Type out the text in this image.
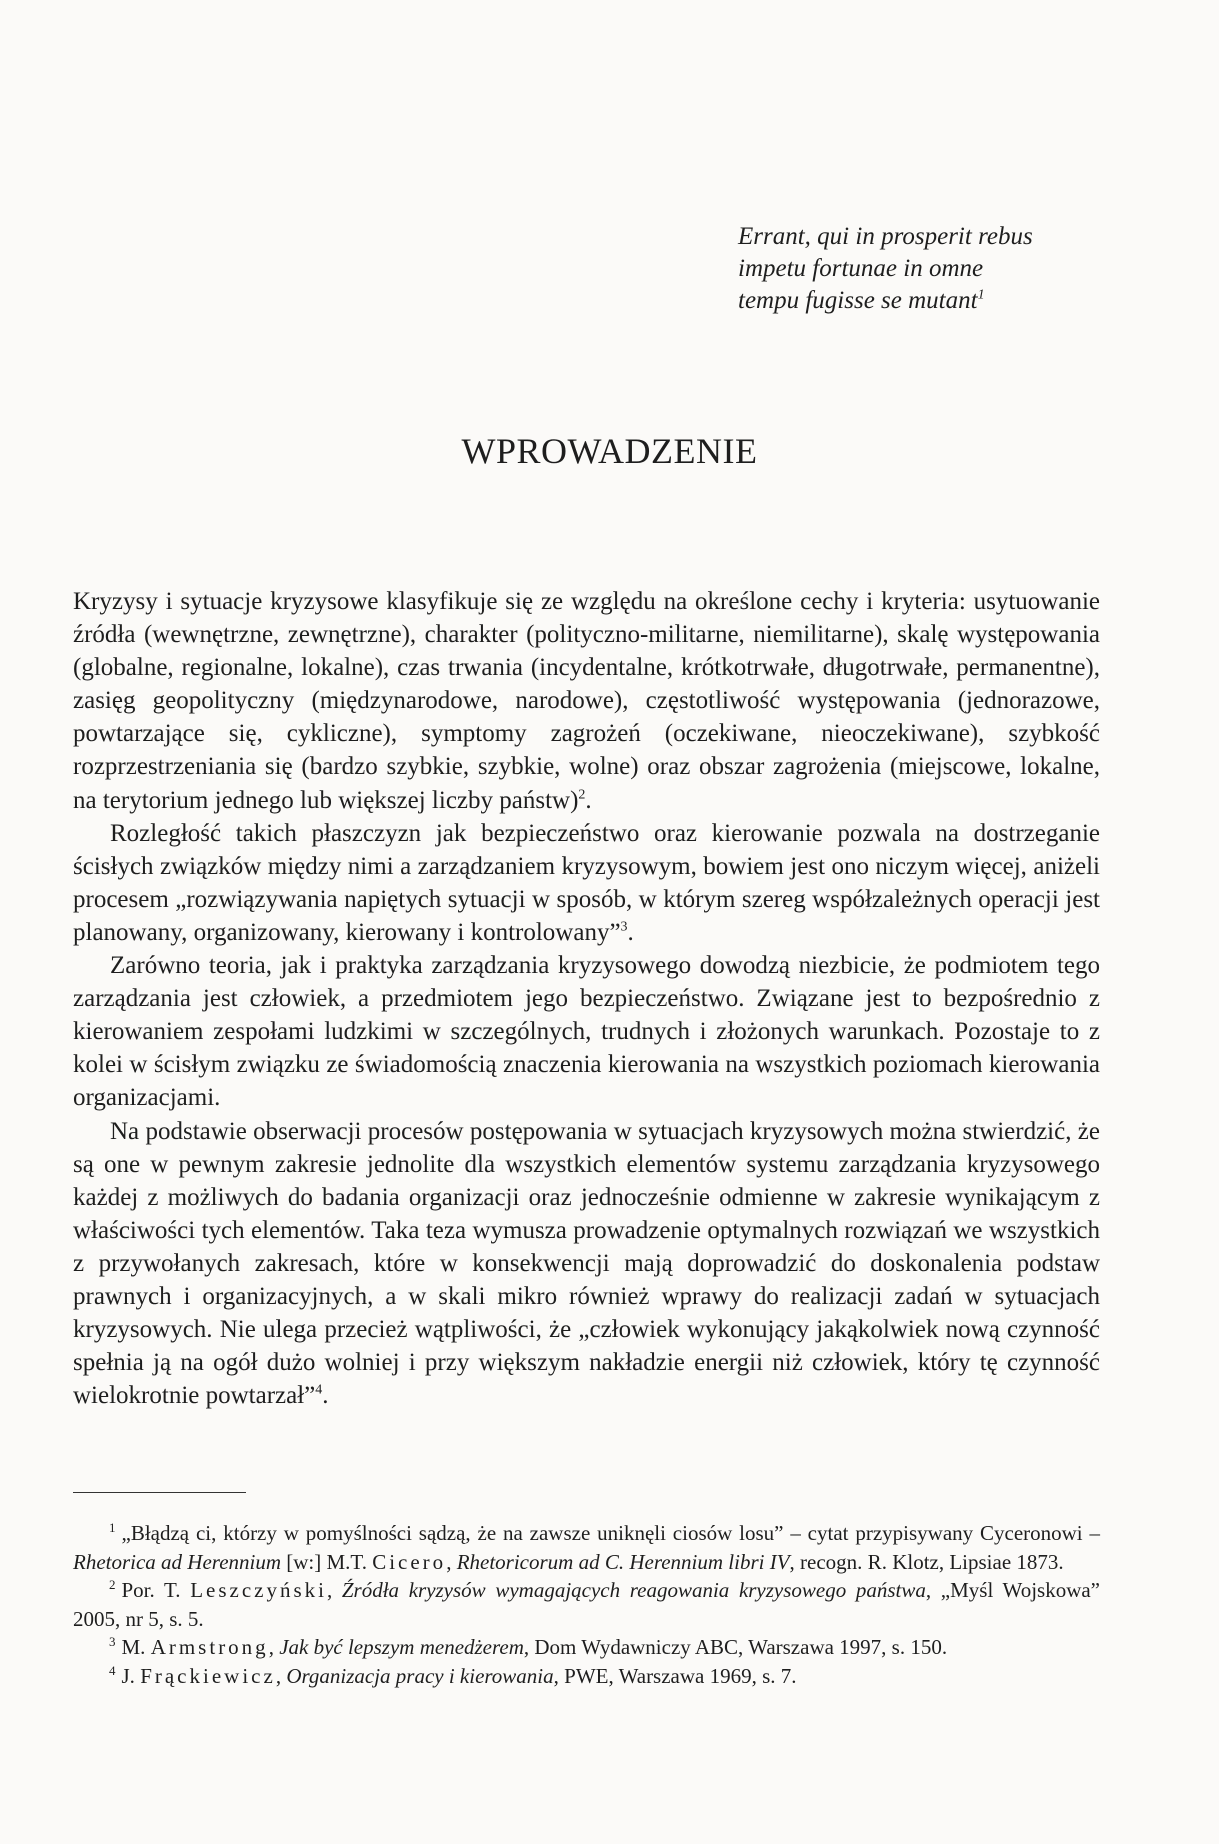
Errant, qui in prosperit rebus
impetu fortunae in omne
tempu fugisse se mutant$^1$
WPROWADZENIE

Kryzysy i sytuacje kryzysowe klasyfikuje się ze względu na określone cechy i kryteria: usytuowanie źródła (wewnętrzne, zewnętrzne), charakter (polityczno-militarne, niemilitarne), skalę występowania (globalne, regionalne, lokalne), czas trwania (incydentalne, krótkotrwałe, długotrwałe, permanentne), zasięg geopolityczny (międzynarodowe, narodowe), częstotliwość występowania (jednorazowe, powtarzające się, cykliczne), symptomy zagrożeń (oczekiwane, nieoczekiwane), szybkość rozprzestrzeniania się (bardzo szybkie, szybkie, wolne) oraz obszar zagrożenia (miejscowe, lokalne, na terytorium jednego lub większej liczby państw)$^2$.

Rozległość takich płaszczyzn jak bezpieczeństwo oraz kierowanie pozwala na dostrzeganie ścisłych związków między nimi a zarządzaniem kryzysowym, bowiem jest ono niczym więcej, aniżeli procesem „rozwiązywania napiętych sytuacji w sposób, w którym szereg współzależnych operacji jest planowany, organizowany, kierowany i kontrolowany”$^3$.

Zarówno teoria, jak i praktyka zarządzania kryzysowego dowodzą niezbicie, że podmiotem tego zarządzania jest człowiek, a przedmiotem jego bezpieczeństwo. Związane jest to bezpośrednio z kierowaniem zespołami ludzkimi w szczególnych, trudnych i złożonych warunkach. Pozostaje to z kolei w ścisłym związku ze świadomością znaczenia kierowania na wszystkich poziomach kierowania organizacjami.

Na podstawie obserwacji procesów postępowania w sytuacjach kryzysowych można stwierdzić, że są one w pewnym zakresie jednolite dla wszystkich elementów systemu zarządzania kryzysowego każdej z możliwych do badania organizacji oraz jednocześnie odmienne w zakresie wynikającym z właściwości tych elementów. Taka teza wymusza prowadzenie optymalnych rozwiązań we wszystkich z przywołanych zakresach, które w konsekwencji mają doprowadzić do doskonalenia podstaw prawnych i organizacyjnych, a w skali mikro również wprawy do realizacji zadań w sytuacjach kryzysowych. Nie ulega przecież wątpliwości, że „człowiek wykonujący jakąkolwiek nową czynność spełnia ją na ogół dużo wolniej i przy większym nakładzie energii niż człowiek, który tę czynność wielokrotnie powtarzał”$^4$.

$^1$ „Błądzą ci, którzy w pomyślności sądzą, że na zawsze uniknęli ciosów losu” – cytat przypisywany Cyceronowi – Rhetorica ad Herennium [w:] M.T. Cicero, Rhetoricorum ad C. Herennium libri IV, recogn. R. Klotz, Lipsiae 1873.

$^2$ Por. T. Leszczyński, Źródła kryzysów wymagających reagowania kryzysowego państwa, „Myśl Wojskowa” 2005, nr 5, s. 5.

$^3$ M. Armstrong, Jak być lepszym menedżerem, Dom Wydawniczy ABC, Warszawa 1997, s. 150.

$^4$ J. Frąckiewicz, Organizacja pracy i kierowania, PWE, Warszawa 1969, s. 7.
